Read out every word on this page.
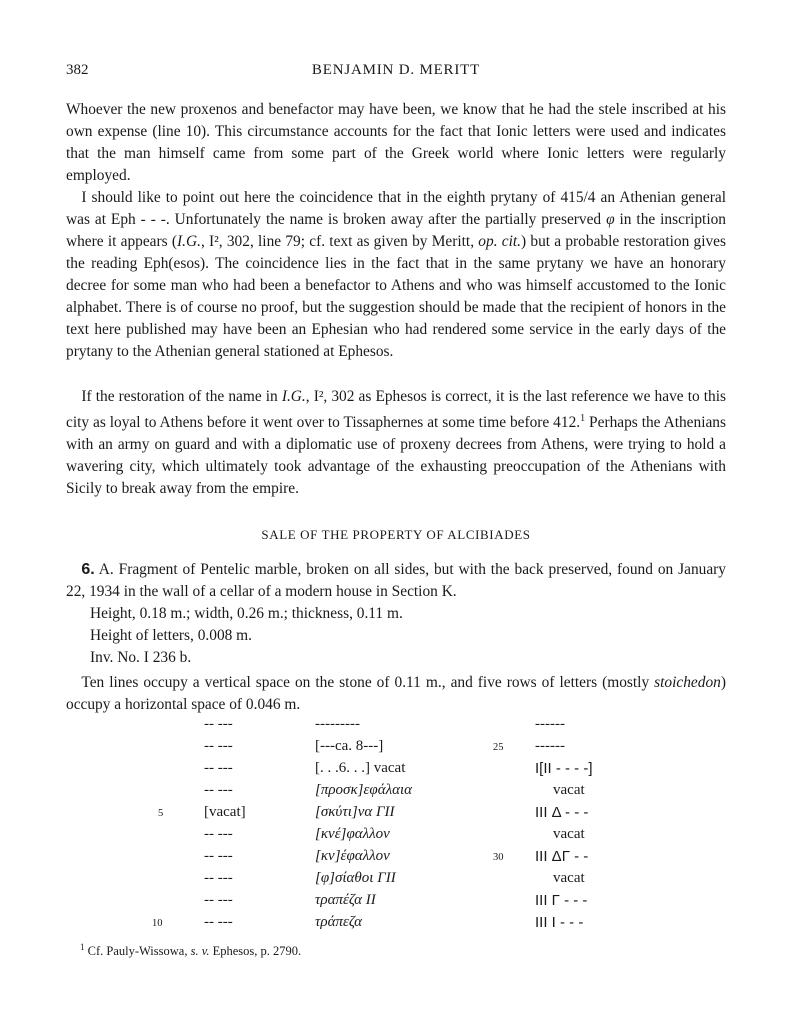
382	BENJAMIN D. MERITT

Whoever the new proxenos and benefactor may have been, we know that he had the stele inscribed at his own expense (line 10). This circumstance accounts for the fact that Ionic letters were used and indicates that the man himself came from some part of the Greek world where Ionic letters were regularly employed.

 I should like to point out here the coincidence that in the eighth prytany of 415/4 an Athenian general was at Eph - - -. Unfortunately the name is broken away after the partially preserved φ in the inscription where it appears (I.G., I², 302, line 79; cf. text as given by Meritt, op. cit.) but a probable restoration gives the reading Eph(esos). The coincidence lies in the fact that in the same prytany we have an honorary decree for some man who had been a benefactor to Athens and who was himself accustomed to the Ionic alphabet. There is of course no proof, but the suggestion should be made that the recipient of honors in the text here published may have been an Ephesian who had rendered some service in the early days of the prytany to the Athenian general stationed at Ephesos.

 If the restoration of the name in I.G., I², 302 as Ephesos is correct, it is the last reference we have to this city as loyal to Athens before it went over to Tissaphernes at some time before 412.$^1$ Perhaps the Athenians with an army on guard and with a diplomatic use of proxeny decrees from Athens, were trying to hold a wavering city, which ultimately took advantage of the exhausting preoccupation of the Athenians with Sicily to break away from the empire.

SALE OF THE PROPERTY OF ALCIBIADES

 6. A. Fragment of Pentelic marble, broken on all sides, but with the back preserved, found on January 22, 1934 in the wall of a cellar of a modern house in Section K.

Height, 0.18 m.; width, 0.26 m.; thickness, 0.11 m.

Height of letters, 0.008 m.

Inv. No. I 236 b.

 Ten lines occupy a vertical space on the stone of 0.11 m., and five rows of letters (mostly stoichedon) occupy a horizontal space of 0.046 m.

-- ---	---------	------
-- ---	[---ca. 8---]	25 ------
-- ---	[. . .6. . .] vacat	I[II - - - -]
-- ---	[προσκ]εφάλαια	vacat
5	[vacat]	[σκύτι]να ΓII	III Δ - - -
-- ---	[κνέ]φαλλον	vacat
-- ---	[κν]έφαλλον	30 III ΔΓ - -
-- ---	[φ]σίαθοι ΓII	vacat
-- ---	τραπέζα II	III Γ - - -
10	-- ---	τράπεζα	III I - - -
$^1$ Cf. Pauly-Wissowa, s. v. Ephesos, p. 2790.
